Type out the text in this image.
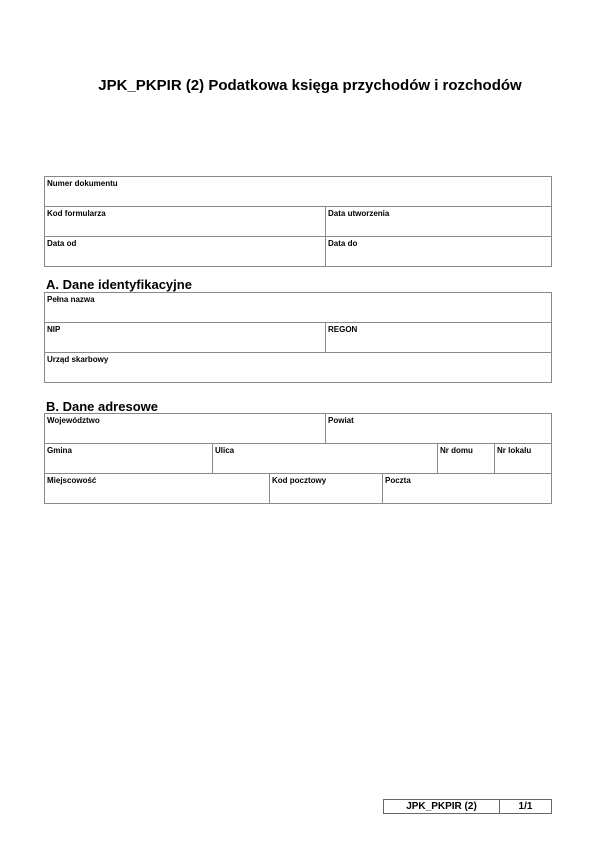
JPK_PKPIR (2) Podatkowa księga przychodów i rozchodów
Numer dokumentu
Kod formularza	Data utworzenia
Data od	Data do
A. Dane identyfikacyjne
Pełna nazwa
NIP	REGON
Urząd skarbowy
B. Dane adresowe
Województwo	Powiat
Gmina	Ulica	Nr domu	Nr lokalu
Miejscowość	Kod pocztowy	Poczta
JPK_PKPIR (2)	1/1
